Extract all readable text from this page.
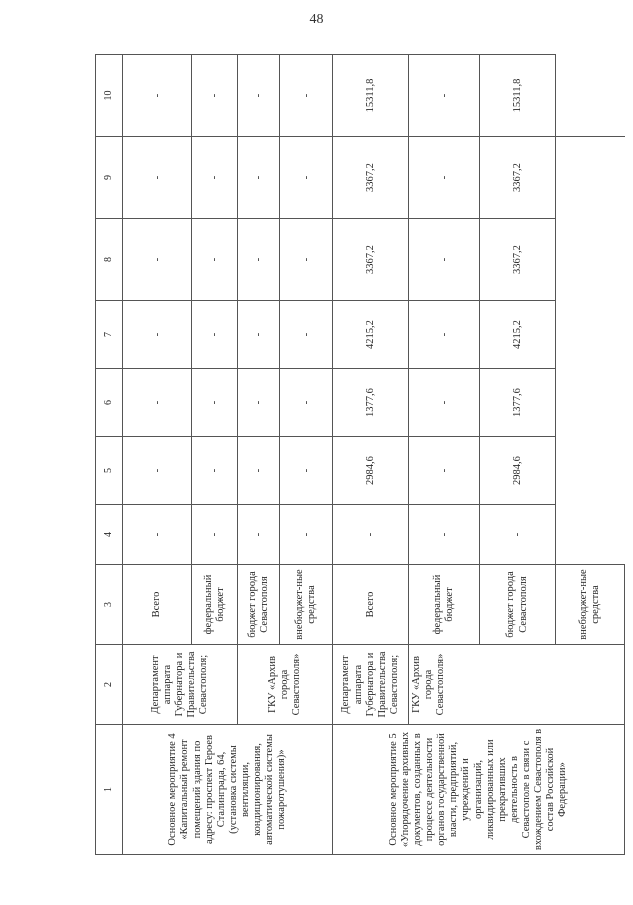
48
1	2	3	4	5	6	7	8	9	10
Основное мероприятие 4 «Капитальный ремонт помещений здания по адресу: проспект Героев Сталинграда, 64, (установка системы вентиляции, кондиционирования, автоматической системы пожаротушения)»	Департамент аппарата Губернатора и Правительства Севастополя;	Всего	-	-	-	-	-	-	-
		федеральный бюджет	-	-	-	-	-	-	-
	ГКУ «Архив города Севастополя»	бюджет города Севастополя	-	-	-	-	-	-	-
		внебюджет-ные средства	-	-	-	-	-	-	-
Основное мероприятие 5 «Упорядочение архивных документов, созданных в процессе деятельности органов государственной власти, предприятий, учреждений и организаций, ликвидированных или прекративших деятельность в Севастополе в связи с вхождением Севастополя в состав Российской Федерации»	Департамент аппарата Губернатора и Правительства Севастополя;	Всего	-	2984,6	1377,6	4215,2	3367,2	3367,2	15311,8
	ГКУ «Архив города Севастополя»	федеральный бюджет	-	-	-	-	-	-	-
		бюджет города Севастополя	-	2984,6	1377,6	4215,2	3367,2	3367,2	15311,8
		внебюджет-ные средства							
